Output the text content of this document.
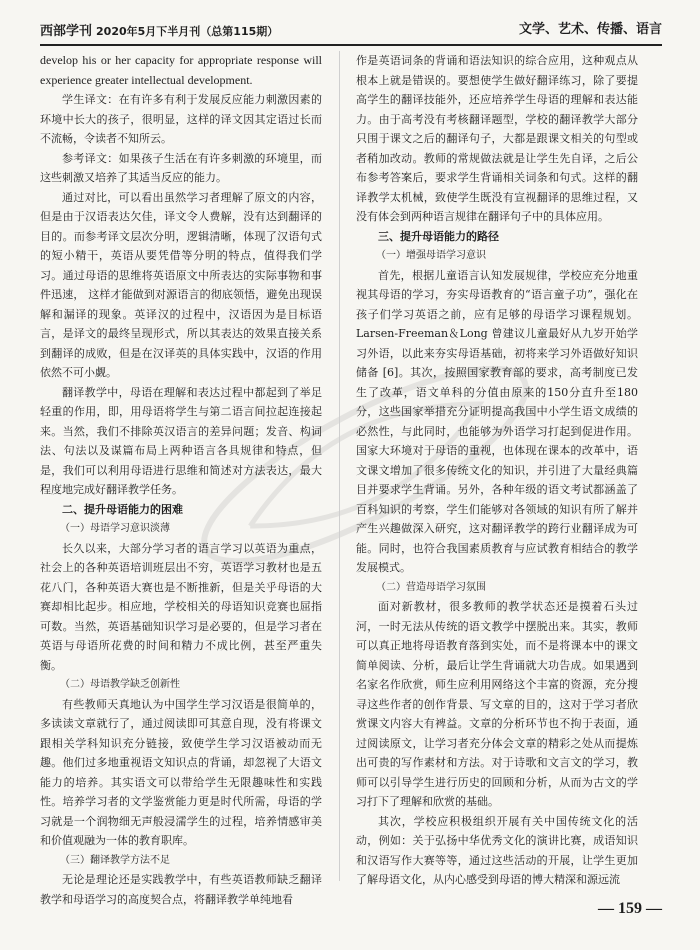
西部学刊 2020年5月下半月刊（总第115期）	文学、艺术、传播、语言

develop his or her capacity for appropriate response will experience greater intellectual development.

学生译文：在有许多有利于发展反应能力刺激因素的环境中长大的孩子，很明显，这样的译文因其定语过长而不流畅，令读者不知所云。

参考译文：如果孩子生活在有许多刺激的环境里，而这些刺激又培养了其适当反应的能力。

通过对比，可以看出虽然学习者理解了原文的内容，但是由于汉语表达欠佳，译文令人费解，没有达到翻译的目的。而参考译文层次分明，逻辑清晰，体现了汉语句式的短小精干，英语从要凭借等分明的特点，值得我们学习。通过母语的思维将英语原文中所表达的实际事物和事件迅速， 这样才能做到对源语言的彻底领悟，避免出现误解和漏译的现象。英译汉的过程中，汉语因为是目标语言，是译文的最终呈现形式，所以其表达的效果直接关系到翻译的成败，但是在汉译英的具体实践中，汉语的作用依然不可小觑。

翻译教学中，母语在理解和表达过程中都起到了举足轻重的作用，即，用母语将学生与第二语言间拉起连接起来。当然，我们不排除英汉语言的差异问题；发音、构词法、句法以及谋篇布局上两种语言各具规律和特点，但是，我们可以利用母语进行思维和简述对方法表达，最大程度地完成好翻译教学任务。

二、提升母语能力的困难
（一）母语学习意识淡薄

长久以来，大部分学习者的语言学习以英语为重点，社会上的各种英语培训班层出不穷，英语学习教材也是五花八门，各种英语大赛也是不断推新，但是关乎母语的大赛却相比起步。相应地，学校相关的母语知识竞赛也屈指可数。当然，英语基础知识学习是必要的，但是学习者在英语与母语所花费的时间和精力不成比例，甚至严重失衡。

（二）母语教学缺乏创新性

有些教师天真地认为中国学生学习汉语是很简单的，多读读文章就行了，通过阅读即可其意自现，没有将课文跟相关学科知识充分链接，致使学生学习汉语被动而无趣。他们过多地重视语文知识点的背诵，却忽视了大语文能力的培养。其实语文可以带给学生无限趣味性和实践性。培养学习者的文学鉴赏能力更是时代所需，母语的学习就是一个润物细无声般浸濡学生的过程，培养情感审美和价值观融为一体的教育职库。

（三）翻译教学方法不足

无论是理论还是实践教学中，有些英语教师缺乏翻译教学和母语学习的高度契合点，将翻译教学单纯地看

作是英语词条的背诵和语法知识的综合应用，这种观点从根本上就是错误的。要想使学生做好翻译练习，除了要提高学生的翻译技能外，还应培养学生母语的理解和表达能力。由于高考没有考核翻译题型，学校的翻译教学大部分只围于课文之后的翻译句子，大都是跟课文相关的句型或者稍加改动。教师的常规做法就是让学生先自译，之后公布参考答案后，要求学生背诵相关词条和句式。这样的翻译教学太机械，致使学生既没有宣视翻译的思维过程，又没有体会到两种语言规律在翻译句子中的具体应用。

三、提升母语能力的路径
（一）增强母语学习意识

首先，根据儿童语言认知发展规律，学校应充分地重视其母语的学习，夯实母语教育的“语言童子功”，强化在孩子们学习英语之前，应有足够的母语学习课程规划。Larsen-Freeman＆Long 曾建议儿童最好从九岁开始学习外语，以此来夯实母语基础，初将来学习外语做好知识储备 [6]。其次，按照国家教育部的要求，高考制度已发生了改革，语文单科的分值由原来的150分直升至180分，这些国家举措充分证明提高我国中小学生语文成绩的必然性，与此同时，也能够为外语学习打起到促进作用。国家大环境对于母语的重视，也体现在课本的改革中，语文课文增加了很多传统文化的知识，并引进了大量经典篇目并要求学生背诵。另外，各种年级的语文考试都涵盖了百科知识的考察，学生们能够对各领域的知识有所了解并产生兴趣做深入研究，这对翻译教学的跨行业翻译成为可能。同时，也符合我国素质教育与应试教育相结合的教学发展模式。

（二）营造母语学习氛围

面对新教材，很多教师的教学状态还是摸着石头过河，一时无法从传统的语文教学中摆脱出来。其实，教师可以真正地将母语教育落到实处，而不是将课本中的课文简单阅读、分析，最后让学生背诵就大功告成。如果遇到名家名作欣赏，师生应利用网络这个丰富的资源，充分搜寻这些作者的创作背景、写文章的目的，这对于学习者欣赏课文内容大有裨益。文章的分析环节也不拘于表面，通过阅读原文，让学习者充分体会文章的精彩之处从而提炼出可贵的写作素材和方法。对于诗歌和文言文的学习，教师可以引导学生进行历史的回顾和分析，从而为古文的学习打下了理解和欣赏的基础。

其次，学校应积极组织开展有关中国传统文化的活动，例如：关于弘扬中华优秀文化的演讲比赛，成语知识和汉语写作大赛等等，通过这些活动的开展，让学生更加了解母语文化，从内心感受到母语的博大精深和源远流

— 159 —
